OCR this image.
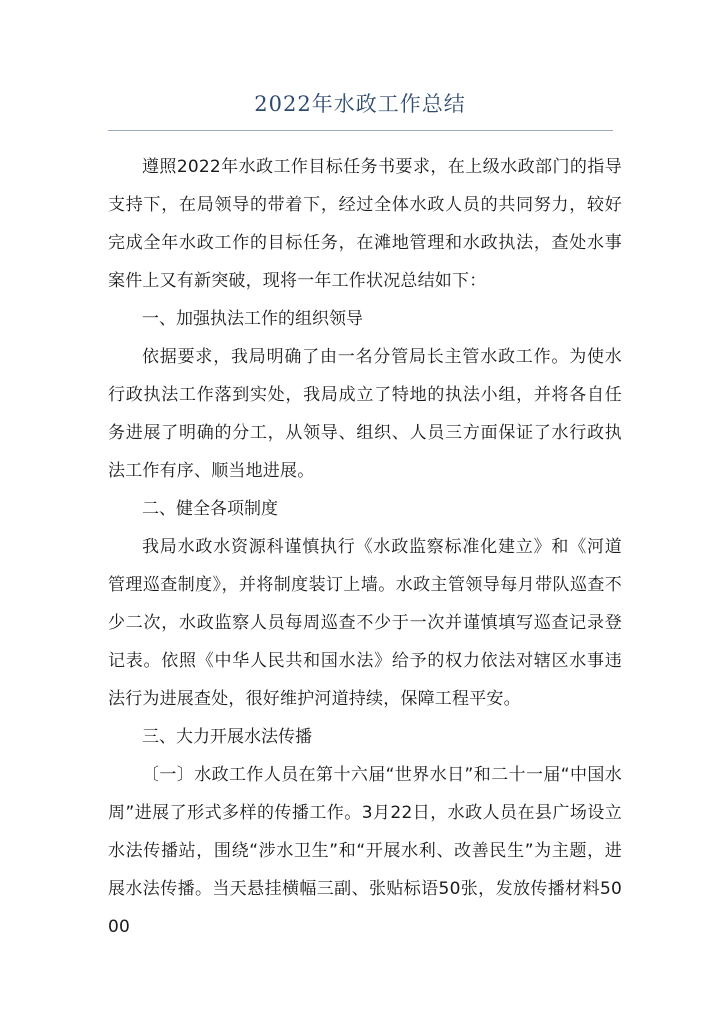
2022年水政工作总结

遵照2022年水政工作目标任务书要求，在上级水政部门的指导支持下，在局领导的带着下，经过全体水政人员的共同努力，较好完成全年水政工作的目标任务，在滩地管理和水政执法，查处水事案件上又有新突破，现将一年工作状况总结如下：

一、加强执法工作的组织领导

依据要求，我局明确了由一名分管局长主管水政工作。为使水行政执法工作落到实处，我局成立了特地的执法小组，并将各自任务进展了明确的分工，从领导、组织、人员三方面保证了水行政执法工作有序、顺当地进展。

二、健全各项制度

我局水政水资源科谨慎执行《水政监察标准化建立》和《河道管理巡查制度》，并将制度装订上墙。水政主管领导每月带队巡查不少二次，水政监察人员每周巡查不少于一次并谨慎填写巡查记录登记表。依照《中华人民共和国水法》给予的权力依法对辖区水事违法行为进展查处，很好维护河道持续，保障工程平安。

三、大力开展水法传播

〔一〕水政工作人员在第十六届“世界水日”和二十一届“中国水周”进展了形式多样的传播工作。3月22日，水政人员在县广场设立水法传播站，围绕“涉水卫生”和“开展水利、改善民生”为主题，进展水法传播。当天悬挂横幅三副、张贴标语50张，发放传播材料5000
